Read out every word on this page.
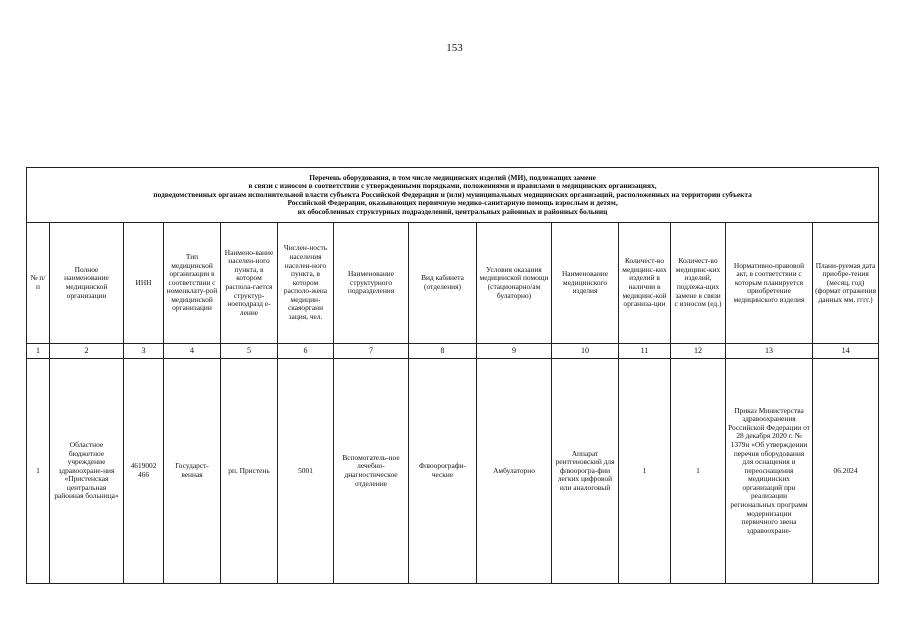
153
Перечень оборудования, в том числе медицинских изделий (МИ), подлежащих замене
в связи с износом в соответствии с утвержденными порядками, положениями и правилами в медицинских организациях,
подведомственных органам исполнительной власти субъекта Российской Федерации и (или) муниципальных медицинских организаций, расположенных на территории субъекта
Российской Федерации, оказывающих первичную медико-санитарную помощь взрослым и детям,
их обособленных структурных подразделений, центральных районных и районных больниц													

№ п/п	Полное наименование медицинской организации	ИНН	Тип медицинской организации в соответствии с номенклату-рой медицинской организации	Наимено-вание населен-ного пункта, в котором распола-гается структур-ноеподразд е-ление	Числен-ность населения населен-ного пункта, в котором располо-жена медицин-скаяоргани зация, чел.	Наименование структурного подразделения	Вид кабинета (отделения)	Условия оказания медицинской помощи (стационарно/ам булаторно)	Наименование медицинского изделия	Количест-во медицинс-ких изделий в наличии в медицинс-кой организа-ции	Количест-во медицинс-ких изделий, подлежа-щих замене в связи с износом (ед.)	Нормативно-правовой акт, в соответствии с которым планируется приобретение медицинского изделия	Плани-руемая дата приобре-тения (месяц, год) (формат отражения данных мм. гггг.)
1	2	3	4	5	6	7	8	9	10	11	12	13	14
1	Областное бюджетное учреждение здравоохране-ния «Пристенская центральная районная больница»	4619002 466	Государст-венная	рп. Пристень	5001	Вспомогатель-ное лечебно-диагностическое отделение	Флюорографи-ческие	Амбулаторно	Аппарат рентгеновский для флюорогра-фии легких цифровой или аналоговый	1	1	Приказ Министерства здравоохранения Российской Федерации от 28 декабря 2020 г. № 1379н «Об утверждении перечня оборудования для оснащения и переоснащения медицинских организаций при реализации региональных программ модернизации первичного звена здравоохране-	06.2024
